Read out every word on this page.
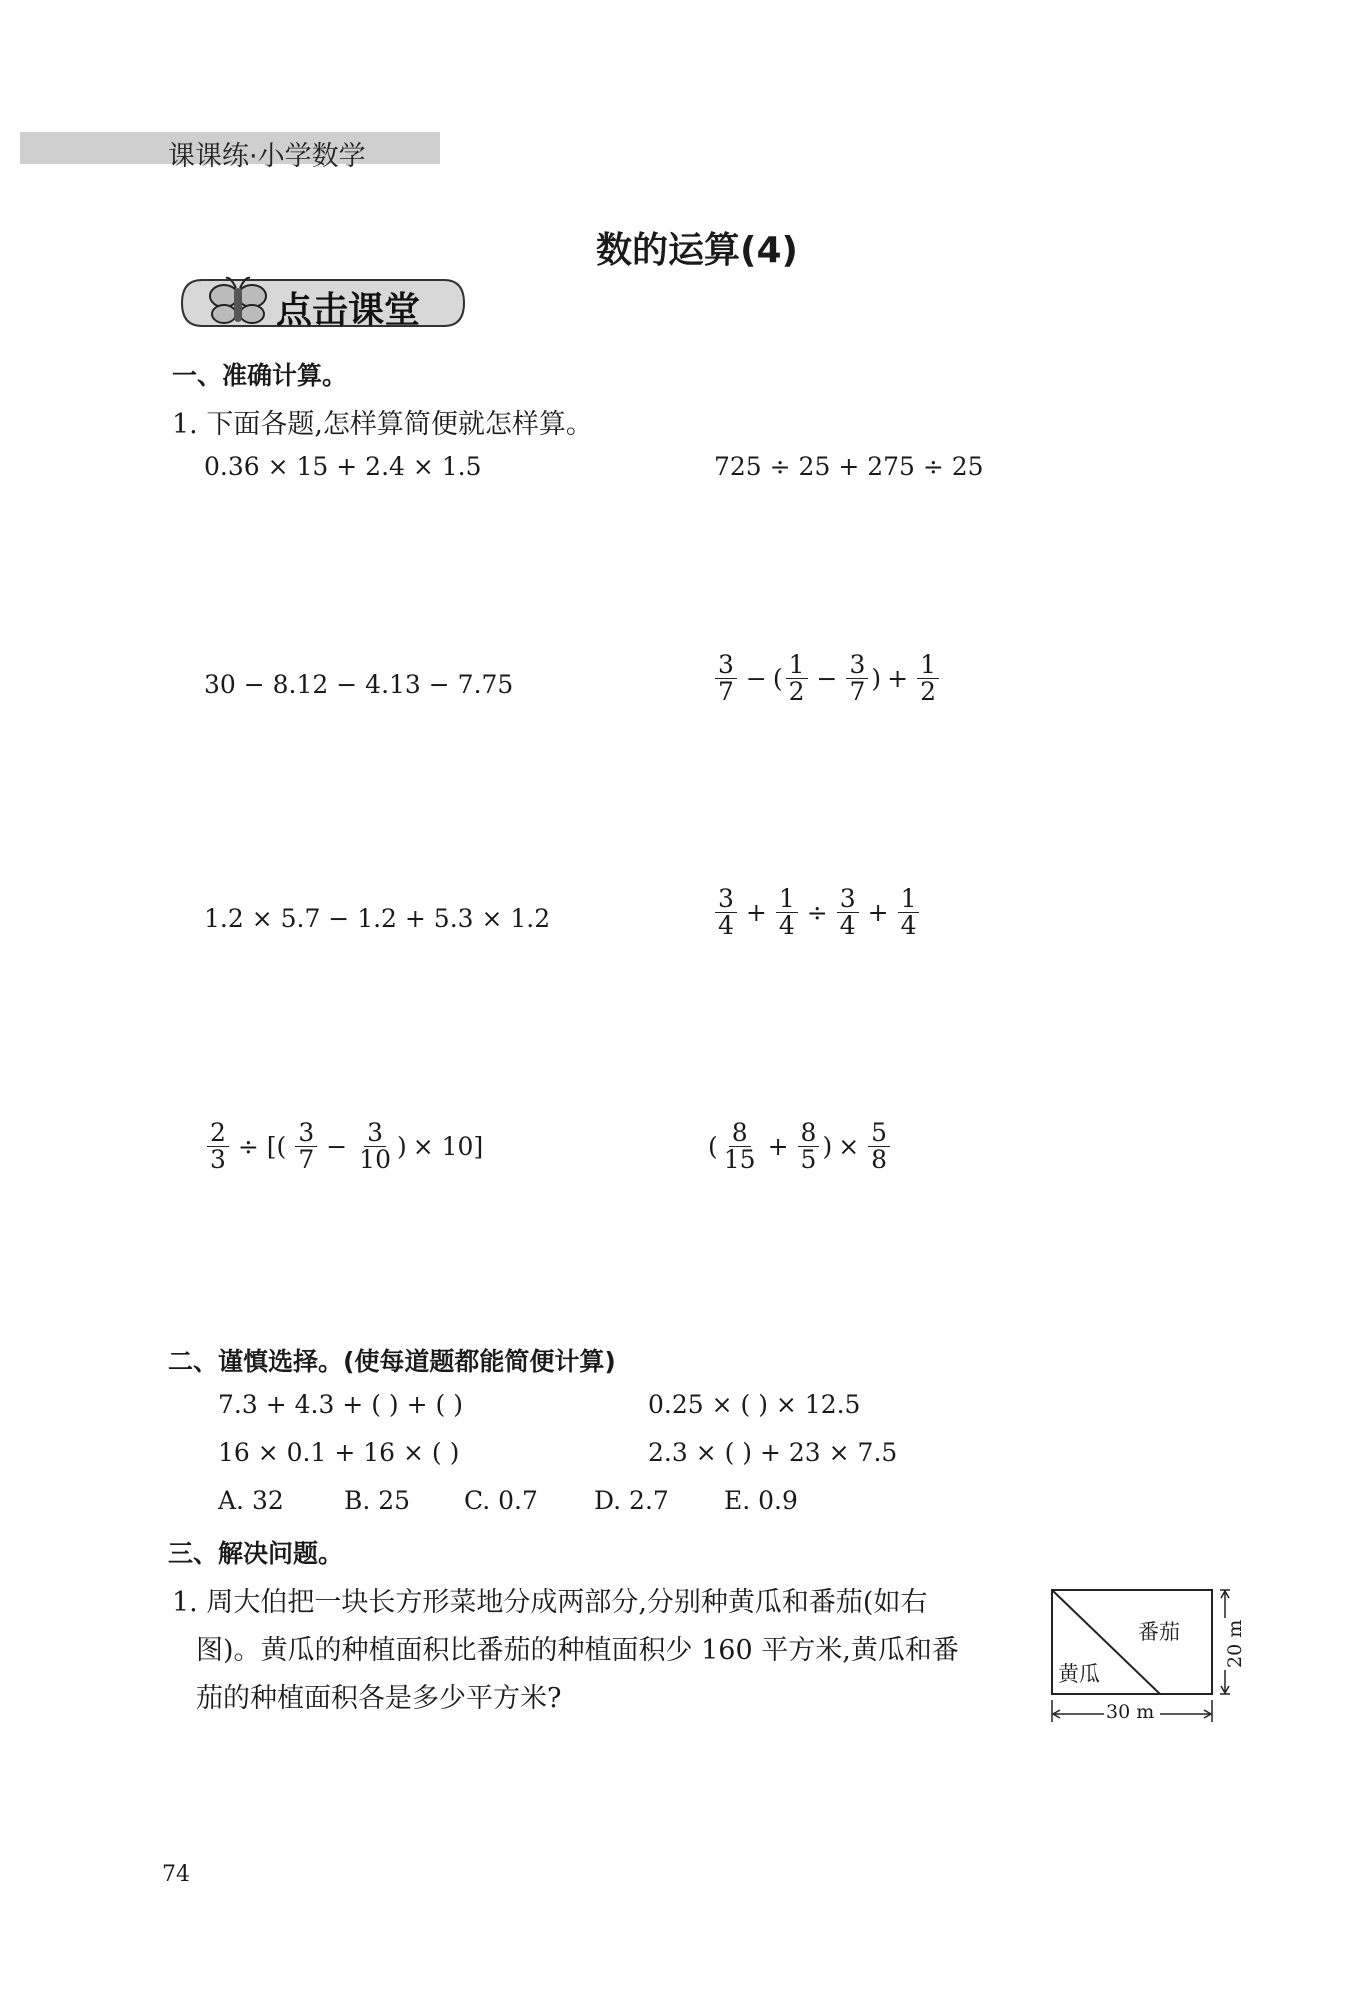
课课练·小学数学
数的运算(4)
点击课堂
一、准确计算。
1. 下面各题,怎样算简便就怎样算。
0.36 × 15 + 2.4 × 1.5	725 ÷ 25 + 275 ÷ 25
30 − 8.12 − 4.13 − 7.75	$\frac{3}{7}$ − ( $\frac{1}{2} - \frac{3}{7}$ ) + $\frac{1}{2}$
1.2 × 5.7 − 1.2 + 5.3 × 1.2	$\frac{3}{4} + \frac{1}{4} \div \frac{3}{4} + \frac{1}{4}$
$\frac{2}{3}$ ÷ [( $\frac{3}{7} - \frac{3}{10}$ ) × 10]	( $\frac{8}{15} + \frac{8}{5}$ ) × $\frac{5}{8}$
二、谨慎选择。(使每道题都能简便计算)
7.3 + 4.3 + ( ) + ( )	0.25 × ( ) × 12.5
16 × 0.1 + 16 × ( )	2.3 × ( ) + 23 × 7.5
A. 32 B. 25 C. 0.7 D. 2.7 E. 0.9
三、解决问题。
1. 周大伯把一块长方形菜地分成两部分,分别种黄瓜和番茄(如右
图)。黄瓜的种植面积比番茄的种植面积少 160 平方米,黄瓜和番
茄的种植面积各是多少平方米?
番茄
黄瓜
30 m
20 m
74
